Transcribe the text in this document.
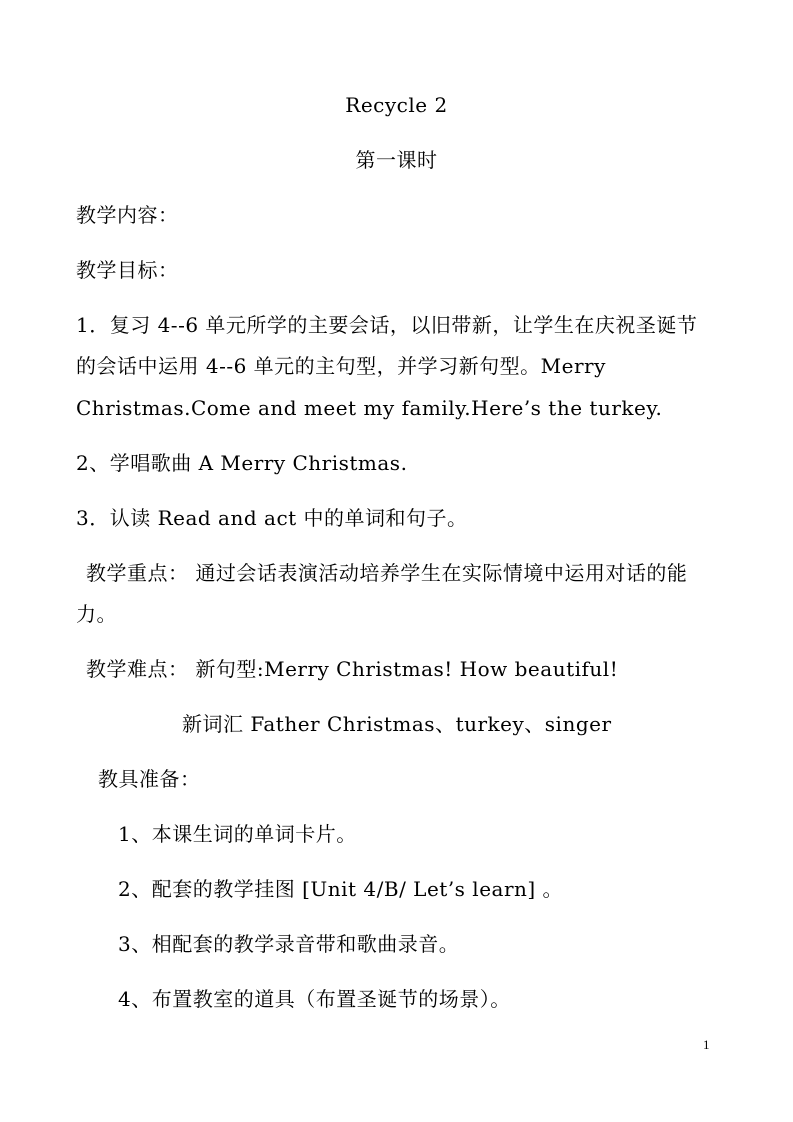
Recycle 2
第一课时
教学内容：
教学目标：
1．复习 4--6 单元所学的主要会话，以旧带新，让学生在庆祝圣诞节
的会话中运用 4--6 单元的主句型，并学习新句型。Merry
Christmas.Come and meet my family.Here’s the turkey.
2、学唱歌曲 A Merry Christmas.
3．认读 Read and act 中的单词和句子。
教学重点： 通过会话表演活动培养学生在实际情境中运用对话的能
力。
教学难点： 新句型:Merry Christmas! How beautiful!
新词汇 Father Christmas、turkey、singer
教具准备：
1、本课生词的单词卡片。
2、配套的教学挂图 [Unit 4/B/ Let’s learn] 。
3、相配套的教学录音带和歌曲录音。
4、布置教室的道具（布置圣诞节的场景）。
1
